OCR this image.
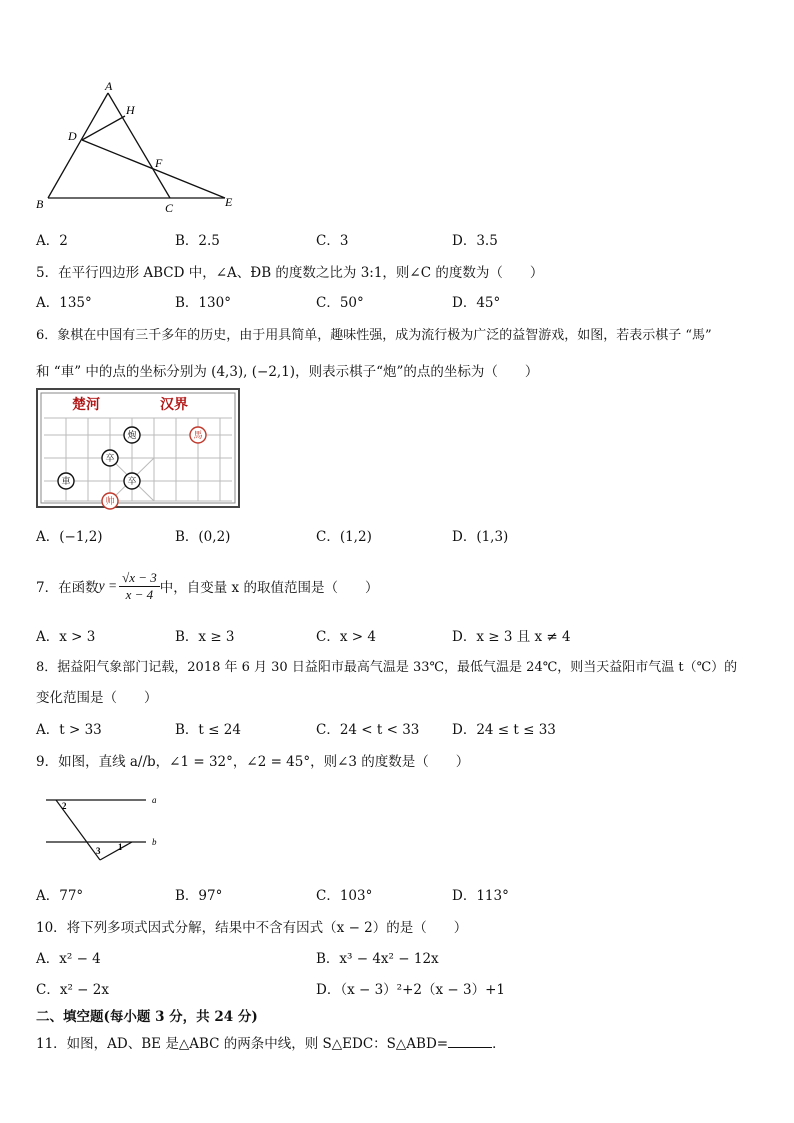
A
H
D
F
B	C	E
A．2	B．2.5	C．3	D．3.5
5．在平行四边形 ABCD 中，∠A、ÐB 的度数之比为 3:1，则∠C 的度数为（　　）
A．135°	B．130°	C．50°	D．45°
6．象棋在中国有三千多年的历史，由于用具简单，趣味性强，成为流行极为广泛的益智游戏，如图，若表示棋子 “馬”
和 “車” 中的点的坐标分别为 (4,3), (−2,1)，则表示棋子“炮”的点的坐标为（　　）
楚河	汉界
炮	馬
卒
卒
車
帅
A．(−1,2)	B．(0,2)	C．(1,2)	D．(1,3)
7．在函数 $y = \frac{√x - 3}{x - 4}$ 中，自变量 x 的取值范围是（　　）
A．x > 3	B．x ≥ 3	C．x > 4	D．x ≥ 3 且 x ≠ 4
8．据益阳气象部门记载，2018 年 6 月 30 日益阳市最高气温是 33℃，最低气温是 24℃，则当天益阳市气温 t（℃）的
变化范围是（　　）
A．t > 33	B．t ≤ 24	C．24 < t < 33 D．24 ≤ t ≤ 33
9．如图，直线 a//b，∠1 = 32°，∠2 = 45°，则∠3 的度数是（　　）
a
b
2
3 1
A．77°	B．97°	C．103°	D．113°
10．将下列多项式因式分解，结果中不含有因式（x − 2）的是（　　）
A．x² − 4	B．x³ − 4x² − 12x
C．x² − 2x	D．（x − 3）²+2（x − 3）+1
二、填空题(每小题 3 分，共 24 分)
11．如图，AD、BE 是△ABC 的两条中线，则 S△EDC：S△ABD=	．
